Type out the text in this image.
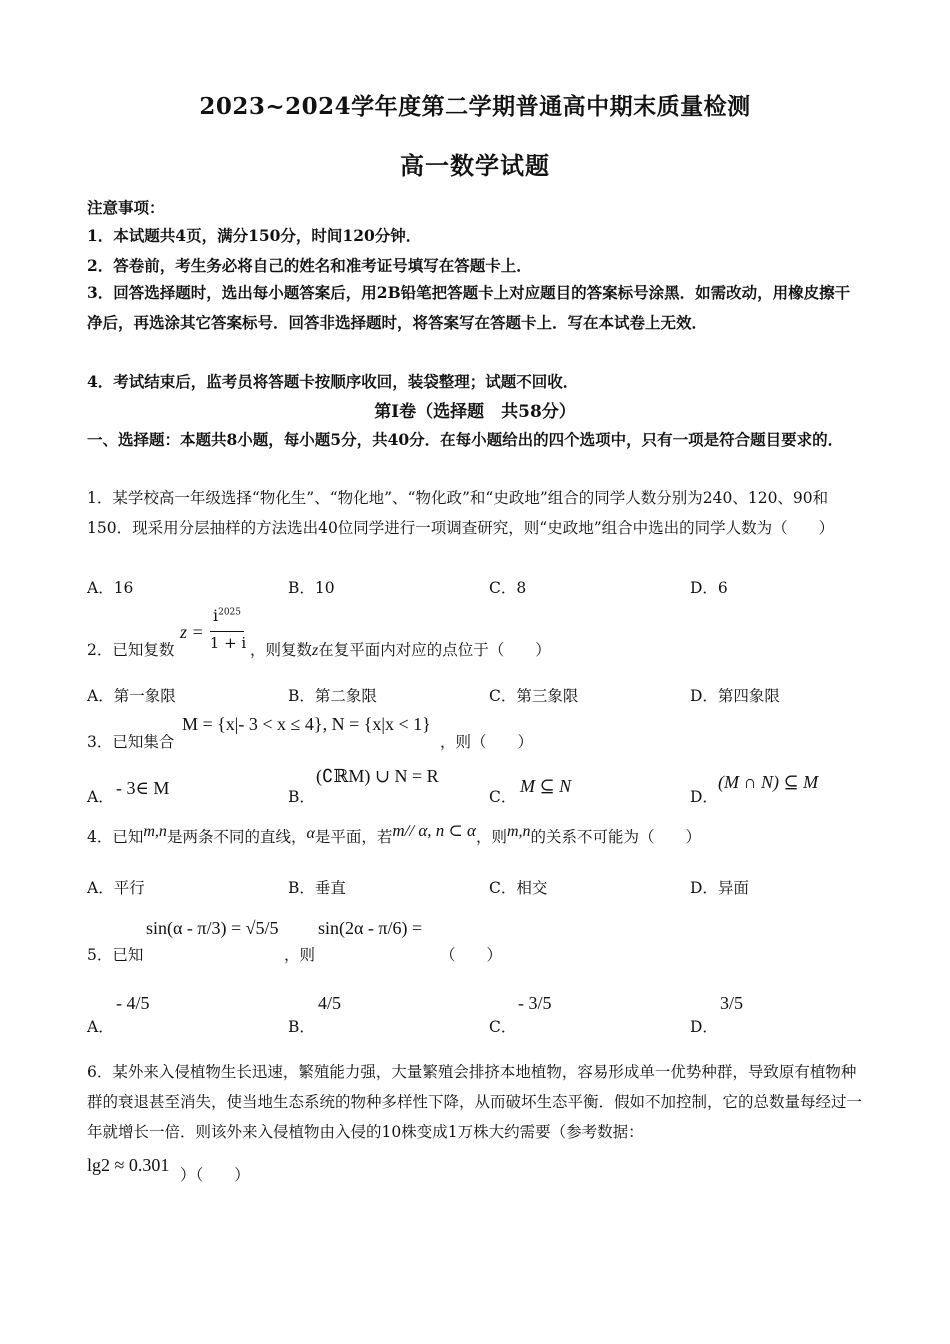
2023~2024学年度第二学期普通高中期末质量检测
高一数学试题
注意事项：
1．本试题共4页，满分150分，时间120分钟．
2．答卷前，考生务必将自己的姓名和准考证号填写在答题卡上．
3．回答选择题时，选出每小题答案后，用2B铅笔把答题卡上对应题目的答案标号涂黑．如需改动，用橡皮擦干净后，再选涂其它答案标号．回答非选择题时，将答案写在答题卡上．写在本试卷上无效．
4．考试结束后，监考员将答题卡按顺序收回，装袋整理；试题不回收．
第Ⅰ卷（选择题　共58分）
一、选择题：本题共8小题，每小题5分，共40分．在每小题给出的四个选项中，只有一项是符合题目要求的．
1．某学校高一年级选择“物化生”、“物化地”、“物化政”和“史政地”组合的同学人数分别为240、120、90和150．现采用分层抽样的方法选出40位同学进行一项调查研究，则“史政地”组合中选出的同学人数为（　　）
A．16	B．10	C．8	D．6
2．已知复数
z =
$i^{2025}$
1 + i ，则复数z在复平面内对应的点位于（　　）
A．第一象限	B．第二象限	C．第三象限	D．第四象限
3．已知集合
M = {x|- 3 < x ≤ 4}, N = {x|x < 1}
，则（　　）
A． - 3∈ M	B．
(∁ℝM) ∪ N = R
C．
M ⊆ N
D．
(M ∩ N) ⊆ M
4．已知m,n是两条不同的直线，α是平面，若m// α, n ⊂ α，则m,n的关系不可能为（　　）
A．平行	B．垂直	C．相交	D．异面
5．已知
sin(α - π/3) = √5/5
，则
sin(2α - π/6) =
（　　）
A．
- 4/5
B．
4/5
C．
- 3/5
D．
3/5
6．某外来入侵植物生长迅速，繁殖能力强，大量繁殖会排挤本地植物，容易形成单一优势种群，导致原有植物种群的衰退甚至消失，使当地生态系统的物种多样性下降，从而破坏生态平衡．假如不加控制，它的总数量每经过一年就增长一倍．则该外来入侵植物由入侵的10株变成1万株大约需要（参考数据：
lg2 ≈ 0.301 ）（　　）
